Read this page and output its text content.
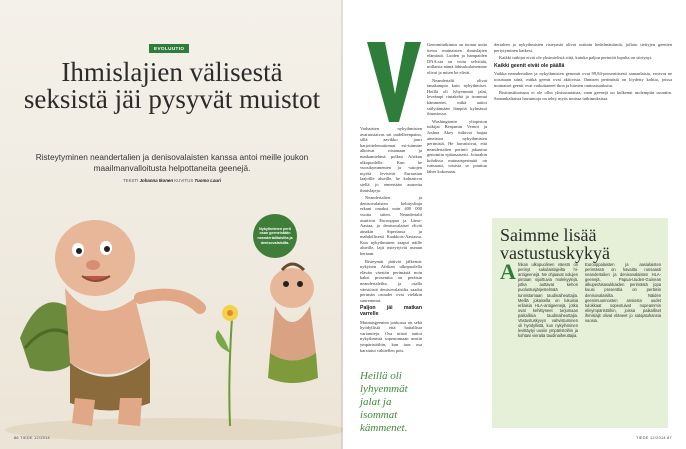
EVOLUUTIO
Ihmislajien välisestä seksistä jäi pysyvät muistot

Risteytyminen neandertalien ja denisovalaisten kanssa antoi meille joukon maailmanvalloitusta helpottaneita geenejä.

TEKSTI Johanna Ikonen KUVITUS Tuomo Lauri
Nykyihminen perii osan geeneistään neandertalilaisilta ja denisovalaisilta.
86 TIEDE 12/2014	TIEDE 12/2014 87

Varhaisten nykyihmisten avaruustaivas sai uudelleenpaino, sillä aavikko juuri harjoittelemattomat esi-isämme alkoivat riistanaan ja matkamiehinä polkea Afrikan ulkopuolelle. Kun he vuosikymmenten ja -satojen myötä levisivät Euraasian laajoille alueille, he kohtasivat siellä jo ennestään asuneita ihmislajeja.

Neandertalien ja denisovalaisten kehityslinja erkani omaksi noin 400 000 vuotta sitten. Neandertalit asuttivat Eurooppaa ja Länsi-Aasiaa, ja denisovalaiset elivät ainakin Siperiassa ja mahdollisesti Kaakkois-Aasiassa. Kun nykyihminen saapui näille alueille, lajit risteytyivät useaan kertaan.

Risteymät jättivät jälkensä: nykyisen Afrikan ulkopuolella elävän väestön perimästä noin kaksi prosenttia on peräisin neandertaleilta, ja osalla väestöistä denisovalaisilta saadut perimän osuudet ovat vieläkin suuremmat.

Paljon jäi matkan varrelle

Muinaisgeenien joukossa on sekä hyödyllisiä että haitallisia variantteja. Osa niistä auttoi nykyihmistä sopeutumaan uusiin ympäristöihin, kun taas osa karsiutui vähitellen pois.

Heillä oli lyhyemmät jalat ja isommat kämmenet.

Genomitutkimus on tuonut uutta tietoa muinaisten ihmislajien elämästä. Luiden ja hampaiden DNA:sta on voitu selvittää, millaisia nämä lähisukulaisemme olivat ja miten he elivät.

Neandertalit olivat tanakampia kuin nykyihmiset. Heillä oli lyhyemmät jalat, leveämpi rintakehä ja isommat kämmenet, mikä auttoi säilyttämään lämpöä kylmässä ilmastossa.

Washingtonin yliopiston tutkijat Benjamin Vernot ja Joshua Akey tutkivat laajaa aineistoa nykyihmisten perimistä. He havaitsivat, että neandertalien perintö jakautuu genomiin epätasaisesti. Joissakin kohdissa muinaisperimää on runsaasti, toisista se puuttuu lähes kokonaan.

dertalien ja nykyihmisten risteymät olivat osittain hedelmättömiä, jolloin tiettyjen geenien periytyminen katkesi.

Kaikki tutkijat eivät ole yksimielisiä siitä, kuinka paljon perintöä lopulta on siirtynyt.

Kaikki geenit eivät ole päällä

Vaikka neandertalien ja nykyihmisten genomit ovat 99,84-prosenttisesti samanlaisia, eroavat ne toisistaan siinä, mitkä geenit ovat aktiivisia. Ihmisen perimästä on löydetty kohtia, joissa muinaiset geenit ovat vaikuttaneet ihon ja hiusten ominaisuuksiin.

Ristiinsiittoisuus ei ole ollut yksisuuntaista, vaan geenejä on kulkenut molempiin suuntiin. Samankaltaisia havaintoja on tehty myös muissa tutkimuksissa.

Saimme lisää vastustuskykyä
A frikan ulkopuolinen väestö on perinyt sukulaislajeilta hi-antigeenejä. Ne ohjaavat solujen pintaan sijoittuvia molekyylejä, jotka auttavat kehon puolustusjärjestelmää tunnistamaan taudinaiheuttajia. Meillä jokaisella on lukuisia erilaisia HLA-antigeenejä, jotka ovat kehittyneet torjumaan paikallisia taudinaiheuttajia. Vastustuskyvyn vahvistuminen oli hyödyllistä, kun nykyihminen levittäytyi uusiin ympäristöihin ja kohtasi vieraita taudinaiheuttajia.

Eurooppalaisten ja aasialaisten perimässä on havaittu runsaasti neandertalien ja denisovalaisten HLA-geenejä. Papua-Uuden-Guinean alkuperäisasukkaiden perimästä jopa kuusi prosenttia on peräisin denisovalaisilta. Näiden geenimuunnosten ansiosta uudet tulokkaat sopeutuivat nopeammin elinympäristöihin, joissa paikalliset ihmislajit olivat eläneet jo satojatuhansia vuosia.
